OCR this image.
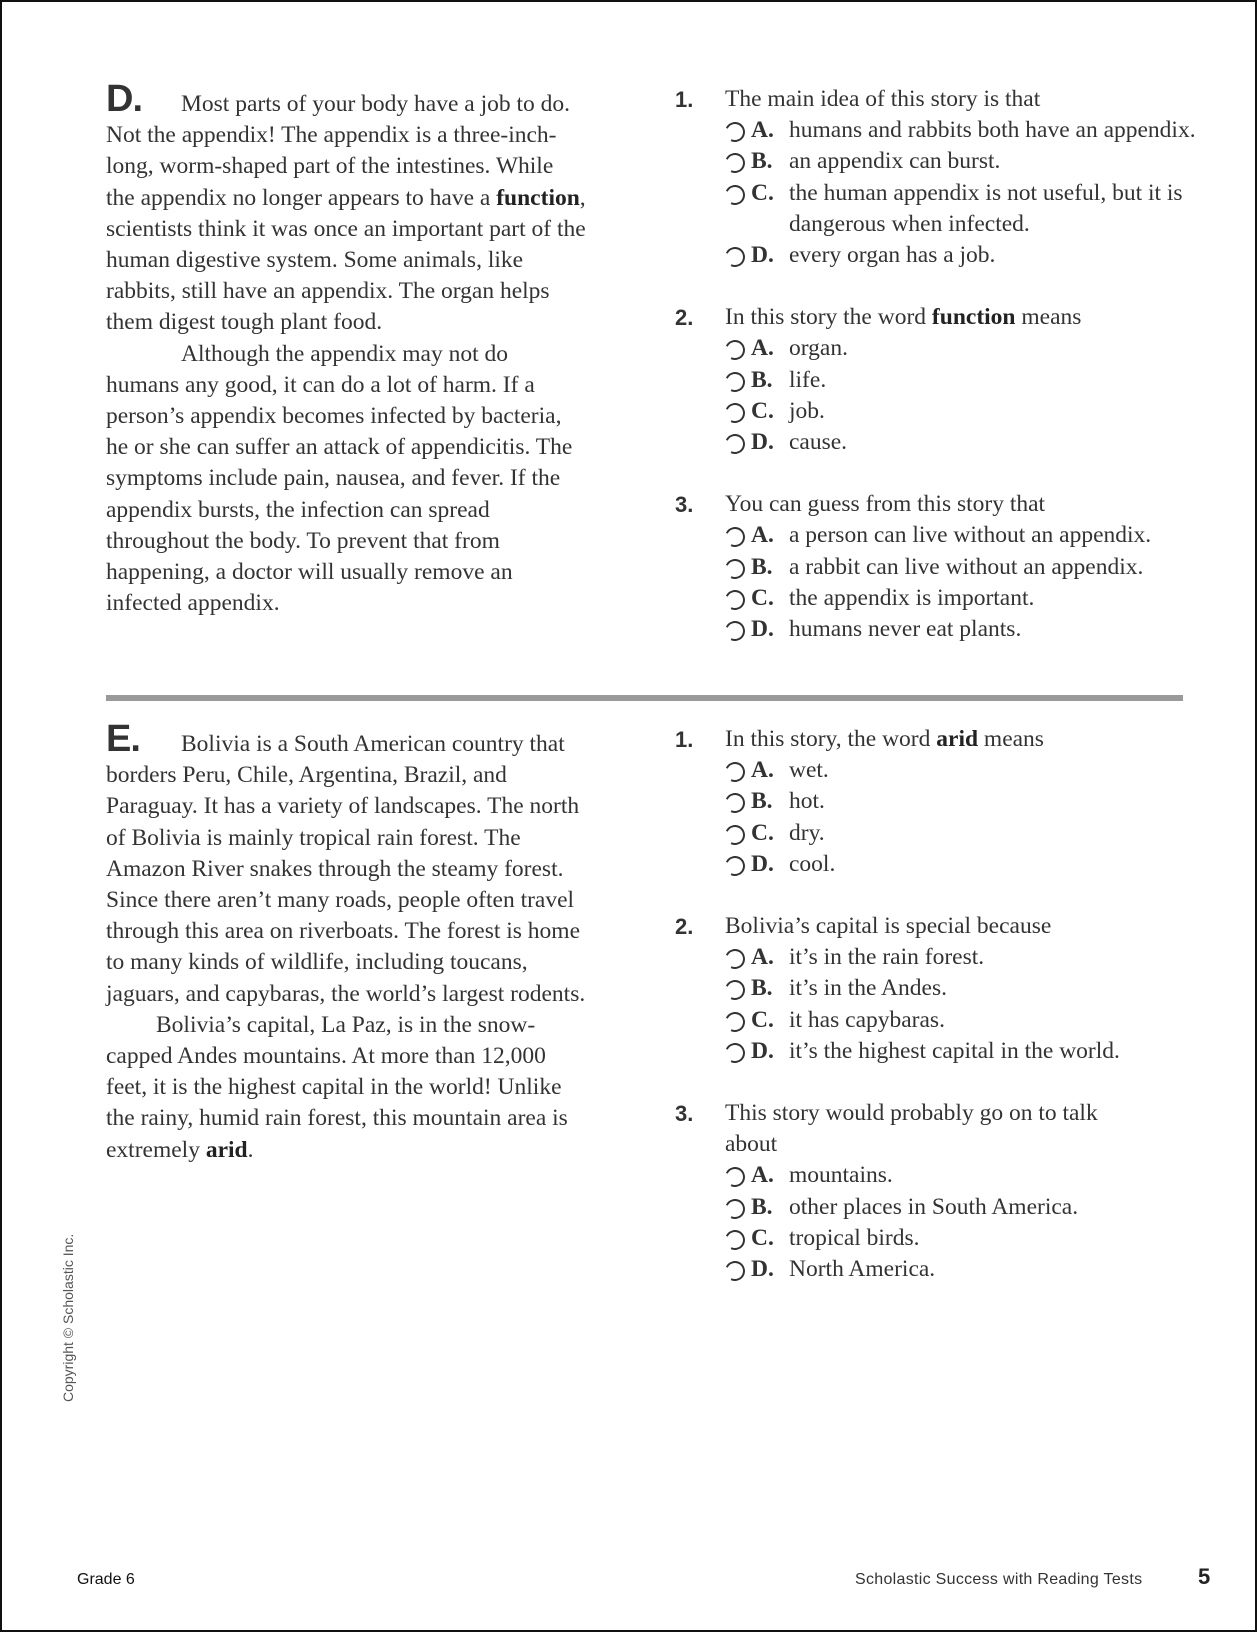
D. Most parts of your body have a job to do. Not the appendix! The appendix is a three-inch-long, worm-shaped part of the intestines. While the appendix no longer appears to have a function, scientists think it was once an important part of the human digestive system. Some animals, like rabbits, still have an appendix. The organ helps them digest tough plant food.

Although the appendix may not do humans any good, it can do a lot of harm. If a person’s appendix becomes infected by bacteria, he or she can suffer an attack of appendicitis. The symptoms include pain, nausea, and fever. If the appendix bursts, the infection can spread throughout the body. To prevent that from happening, a doctor will usually remove an infected appendix.

1. The main idea of this story is that
A. humans and rabbits both have an appendix.
B. an appendix can burst.
C. the human appendix is not useful, but it is dangerous when infected.
D. every organ has a job.
2. In this story the word function means
A. organ.
B. life.
C. job.
D. cause.
3. You can guess from this story that
A. a person can live without an appendix.
B. a rabbit can live without an appendix.
C. the appendix is important.
D. humans never eat plants.

E. Bolivia is a South American country that borders Peru, Chile, Argentina, Brazil, and Paraguay. It has a variety of landscapes. The north of Bolivia is mainly tropical rain forest. The Amazon River snakes through the steamy forest. Since there aren’t many roads, people often travel through this area on riverboats. The forest is home to many kinds of wildlife, including toucans, jaguars, and capybaras, the world’s largest rodents.

Bolivia’s capital, La Paz, is in the snow-capped Andes mountains. At more than 12,000 feet, it is the highest capital in the world! Unlike the rainy, humid rain forest, this mountain area is extremely arid.

1. In this story, the word arid means
A. wet.
B. hot.
C. dry.
D. cool.
2. Bolivia’s capital is special because
A. it’s in the rain forest.
B. it’s in the Andes.
C. it has capybaras.
D. it’s the highest capital in the world.
3. This story would probably go on to talk about
A. mountains.
B. other places in South America.
C. tropical birds.
D. North America.
Copyright © Scholastic Inc.
Grade 6	Scholastic Success with Reading Tests	5
